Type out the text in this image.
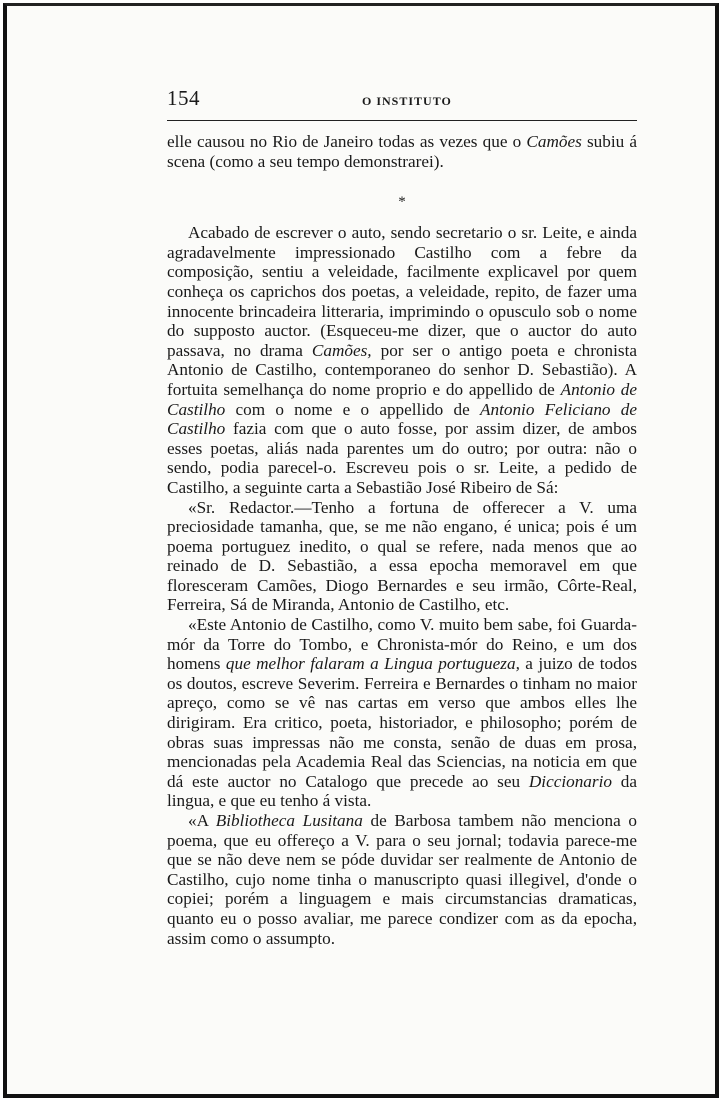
154	O INSTITUTO

elle causou no Rio de Janeiro todas as vezes que o Camões subiu á scena (como a seu tempo demonstrarei).

*

Acabado de escrever o auto, sendo secretario o sr. Leite, e ainda agradavelmente impressionado Castilho com a febre da composição, sentiu a veleidade, facilmente explicavel por quem conheça os caprichos dos poetas, a veleidade, repito, de fazer uma innocente brincadeira litteraria, imprimindo o opusculo sob o nome do supposto auctor. (Esqueceu-me dizer, que o auctor do auto passava, no drama Camões, por ser o antigo poeta e chronista Antonio de Castilho, contemporaneo do senhor D. Sebastião). A fortuita semelhança do nome proprio e do appellido de Antonio de Castilho com o nome e o appellido de Antonio Feliciano de Castilho fazia com que o auto fosse, por assim dizer, de ambos esses poetas, aliás nada parentes um do outro; por outra: não o sendo, podia parecel-o. Escreveu pois o sr. Leite, a pedido de Castilho, a seguinte carta a Sebastião José Ribeiro de Sá:

«Sr. Redactor.—Tenho a fortuna de offerecer a V. uma preciosidade tamanha, que, se me não engano, é unica; pois é um poema portuguez inedito, o qual se refere, nada menos que ao reinado de D. Sebastião, a essa epocha memoravel em que floresceram Camões, Diogo Bernardes e seu irmão, Côrte-Real, Ferreira, Sá de Miranda, Antonio de Castilho, etc.

«Este Antonio de Castilho, como V. muito bem sabe, foi Guarda-mór da Torre do Tombo, e Chronista-mór do Reino, e um dos homens que melhor falaram a Lingua portugueza, a juizo de todos os doutos, escreve Severim. Ferreira e Bernardes o tinham no maior apreço, como se vê nas cartas em verso que ambos elles lhe dirigiram. Era critico, poeta, historiador, e philosopho; porém de obras suas impressas não me consta, senão de duas em prosa, mencionadas pela Academia Real das Sciencias, na noticia em que dá este auctor no Catalogo que precede ao seu Diccionario da lingua, e que eu tenho á vista.

«A Bibliotheca Lusitana de Barbosa tambem não menciona o poema, que eu offereço a V. para o seu jornal; todavia parece-me que se não deve nem se póde duvidar ser realmente de Antonio de Castilho, cujo nome tinha o manuscripto quasi illegivel, d'onde o copiei; porém a linguagem e mais circumstancias dramaticas, quanto eu o posso avaliar, me parece condizer com as da epocha, assim como o assumpto.
